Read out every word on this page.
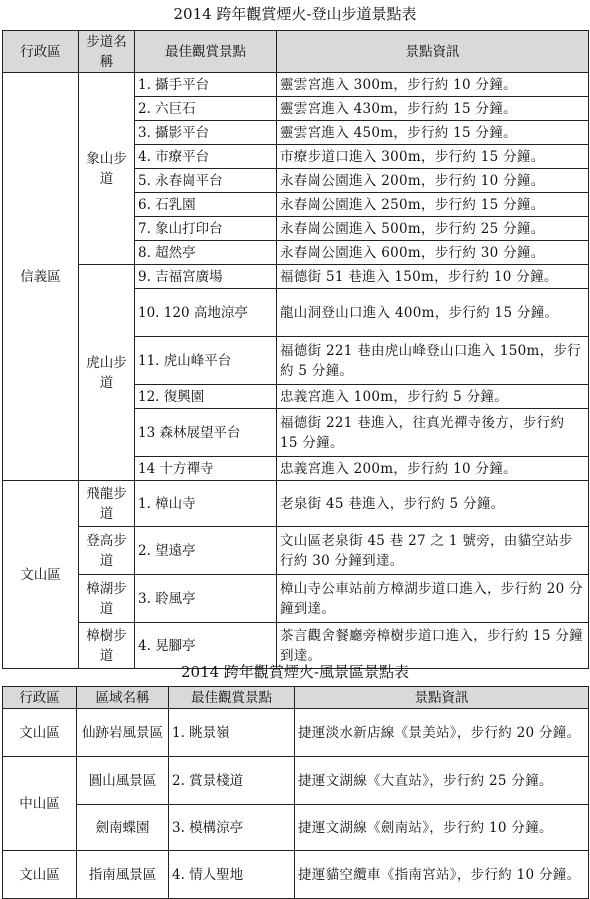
2014 跨年觀賞煙火-登山步道景點表
行政區	步道名稱	最佳觀賞景點	景點資訊
信義區	象山步道	1. 攝手平台	靈雲宮進入 300m，步行約 10 分鐘。
		2. 六巨石	靈雲宮進入 430m，步行約 15 分鐘。
		3. 攝影平台	靈雲宮進入 450m，步行約 15 分鐘。
		4. 市療平台	市療步道口進入 300m，步行約 15 分鐘。
		5. 永春崗平台	永春崗公園進入 200m，步行約 10 分鐘。
		6. 石乳園	永春崗公園進入 250m，步行約 15 分鐘。
		7. 象山打印台	永春崗公園進入 500m，步行約 25 分鐘。
		8. 超然亭	永春崗公園進入 600m，步行約 30 分鐘。
	虎山步道	9. 吉福宮廣場	福德街 51 巷進入 150m，步行約 10 分鐘。
		10. 120 高地涼亭	龍山洞登山口進入 400m，步行約 15 分鐘。
		11. 虎山峰平台	福德街 221 巷由虎山峰登山口進入 150m，步行約 5 分鐘。
		12. 復興園	忠義宮進入 100m，步行約 5 分鐘。
		13 森林展望平台	福德街 221 巷進入，往真光禪寺後方，步行約 15 分鐘。
		14 十方禪寺	忠義宮進入 200m，步行約 10 分鐘。
文山區	飛龍步道	1. 樟山寺	老泉街 45 巷進入，步行約 5 分鐘。
	登高步道	2. 望遠亭	文山區老泉街 45 巷 27 之 1 號旁，由貓空站步行約 30 分鐘到達。
	樟湖步道	3. 聆風亭	樟山寺公車站前方樟湖步道口進入，步行約 20 分鐘到達。
	樟樹步道	4. 晃腳亭	茶言觀舍餐廳旁樟樹步道口進入，步行約 15 分鐘到達。
2014 跨年觀賞煙火-風景區景點表
行政區	區域名稱	最佳觀賞景點	景點資訊
文山區	仙跡岩風景區	1. 眺景嶺	捷運淡水新店線《景美站》，步行約 20 分鐘。
中山區	圓山風景區	2. 賞景棧道	捷運文湖線《大直站》，步行約 25 分鐘。
	劍南蝶園	3. 模構涼亭	捷運文湖線《劍南站》，步行約 10 分鐘。
文山區	指南風景區	4. 情人聖地	捷運貓空纜車《指南宮站》，步行約 10 分鐘。
